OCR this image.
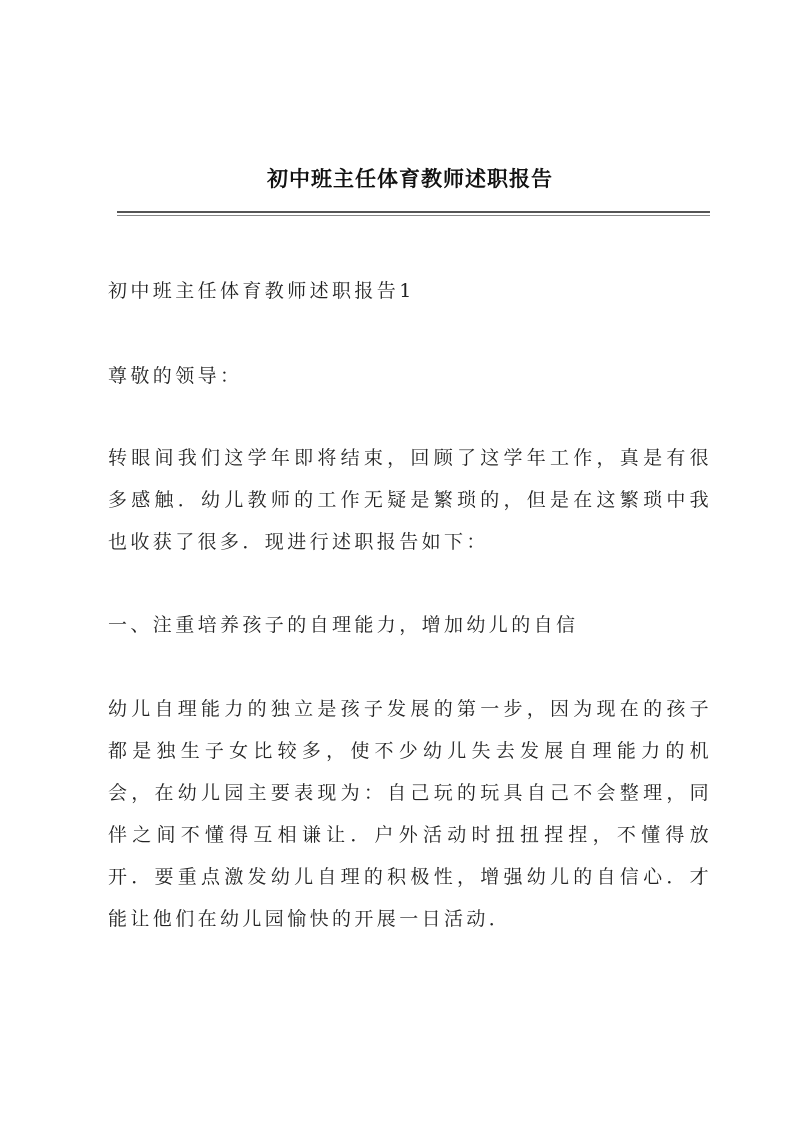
初中班主任体育教师述职报告

初中班主任体育教师述职报告1

尊敬的领导：

转眼间我们这学年即将结束，回顾了这学年工作，真是有很多感触．幼儿教师的工作无疑是繁琐的，但是在这繁琐中我也收获了很多．现进行述职报告如下：

一、注重培养孩子的自理能力，增加幼儿的自信

幼儿自理能力的独立是孩子发展的第一步，因为现在的孩子都是独生子女比较多，使不少幼儿失去发展自理能力的机会，在幼儿园主要表现为：自己玩的玩具自己不会整理，同伴之间不懂得互相谦让．户外活动时扭扭捏捏，不懂得放开．要重点激发幼儿自理的积极性，增强幼儿的自信心．才能让他们在幼儿园愉快的开展一日活动．
